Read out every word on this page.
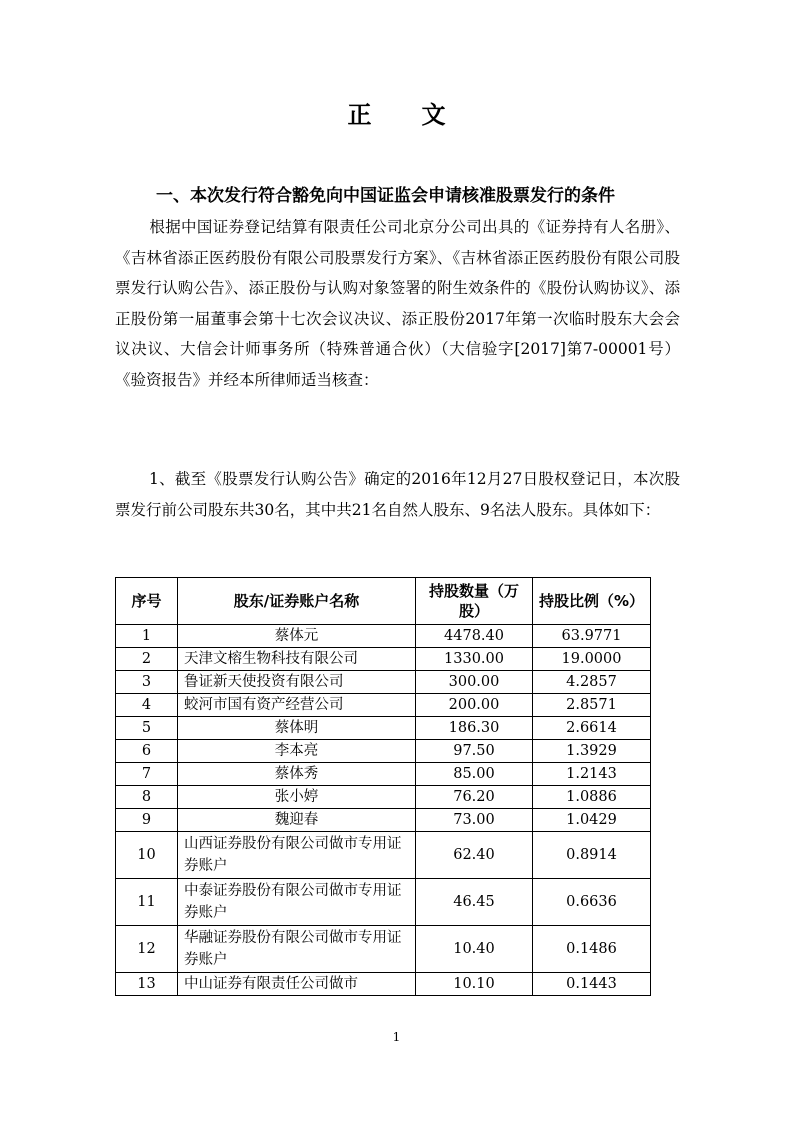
正文
一、本次发行符合豁免向中国证监会申请核准股票发行的条件
根据中国证券登记结算有限责任公司北京分公司出具的《证券持有人名册》、《吉林省添正医药股份有限公司股票发行方案》、《吉林省添正医药股份有限公司股票发行认购公告》、添正股份与认购对象签署的附生效条件的《股份认购协议》、添正股份第一届董事会第十七次会议决议、添正股份2017年第一次临时股东大会会议决议、大信会计师事务所（特殊普通合伙）（大信验字[2017]第7-00001号）《验资报告》并经本所律师适当核查：
1、截至《股票发行认购公告》确定的2016年12月27日股权登记日，本次股票发行前公司股东共30名，其中共21名自然人股东、9名法人股东。具体如下：
序号	股东/证券账户名称	持股数量（万股）	持股比例（%）
1	蔡体元	4478.40	63.9771
2	天津文榕生物科技有限公司	1330.00	19.0000
3	鲁证新天使投资有限公司	300.00	4.2857
4	蛟河市国有资产经营公司	200.00	2.8571
5	蔡体明	186.30	2.6614
6	李本亮	97.50	1.3929
7	蔡体秀	85.00	1.2143
8	张小婷	76.20	1.0886
9	魏迎春	73.00	1.0429
10	山西证券股份有限公司做市专用证券账户	62.40	0.8914
11	中泰证券股份有限公司做市专用证券账户	46.45	0.6636
12	华融证券股份有限公司做市专用证券账户	10.40	0.1486
13	中山证券有限责任公司做市	10.10	0.1443
1
